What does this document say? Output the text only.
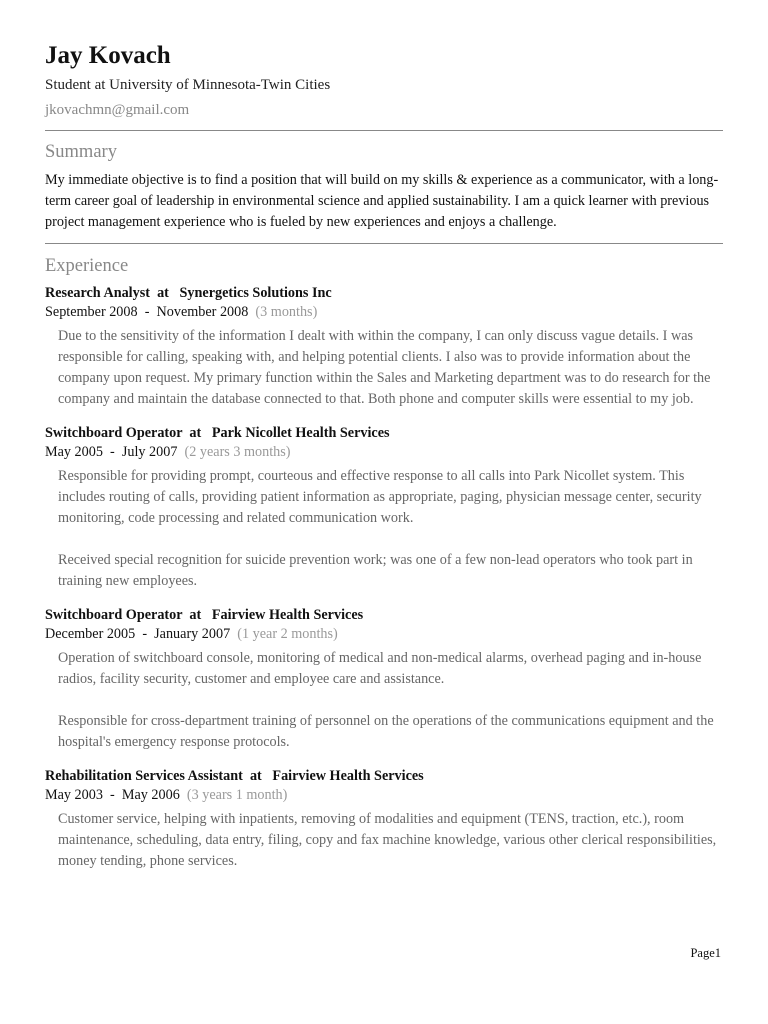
Jay Kovach
Student at University of Minnesota-Twin Cities
jkovachmn@gmail.com
Summary
My immediate objective is to find a position that will build on my skills & experience as a communicator, with a long-term career goal of leadership in environmental science and applied sustainability. I am a quick learner with previous project management experience who is fueled by new experiences and enjoys a challenge.
Experience
Research Analyst  at   Synergetics Solutions Inc
September 2008  -  November 2008 (3 months)

Due to the sensitivity of the information I dealt with within the company, I can only discuss vague details. I was responsible for calling, speaking with, and helping potential clients. I also was to provide information about the company upon request. My primary function within the Sales and Marketing department was to do research for the company and maintain the database connected to that. Both phone and computer skills were essential to my job.

Switchboard Operator  at   Park Nicollet Health Services
May 2005  -  July 2007 (2 years 3 months)

Responsible for providing prompt, courteous and effective response to all calls into Park Nicollet system. This includes routing of calls, providing patient information as appropriate, paging, physician message center, security monitoring, code processing and related communication work.

Received special recognition for suicide prevention work; was one of a few non-lead operators who took part in training new employees.

Switchboard Operator  at   Fairview Health Services
December 2005  -  January 2007 (1 year 2 months)

Operation of switchboard console, monitoring of medical and non-medical alarms, overhead paging and in-house radios, facility security, customer and employee care and assistance.

Responsible for cross-department training of personnel on the operations of the communications equipment and the hospital's emergency response protocols.

Rehabilitation Services Assistant  at   Fairview Health Services
May 2003  -  May 2006 (3 years 1 month)

Customer service, helping with inpatients, removing of modalities and equipment (TENS, traction, etc.), room maintenance, scheduling, data entry, filing, copy and fax machine knowledge, various other clerical responsibilities, money tending, phone services.

Page1
